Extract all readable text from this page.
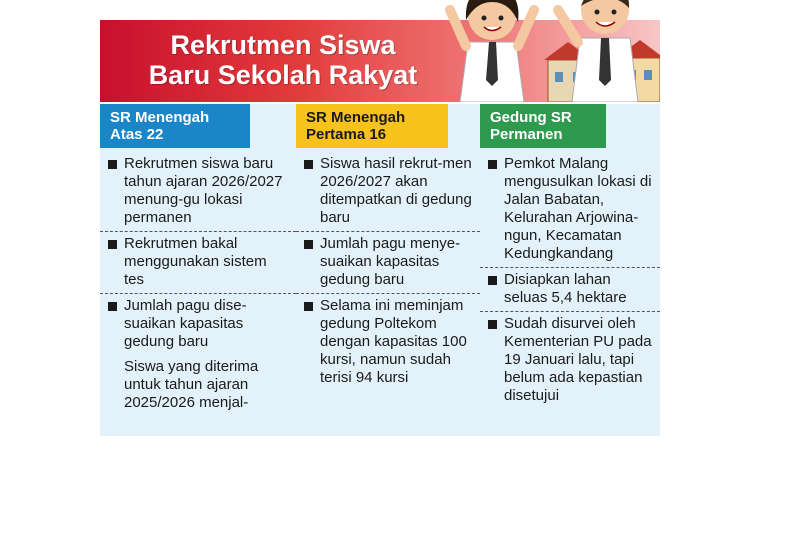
Rekrutmen Siswa
Baru Sekolah Rakyat
SR Menengah Atas 22
Rekrutmen siswa baru tahun ajaran 2026/2027 menung-gu lokasi permanen
Rekrutmen bakal menggunakan sistem tes
Jumlah pagu dise-suaikan kapasitas gedung baru
Siswa yang diterima untuk tahun ajaran 2025/2026 menjal-
SR Menengah Pertama 16
Siswa hasil rekrut-men 2026/2027 akan ditempatkan di gedung baru
Jumlah pagu menye-suaikan kapasitas gedung baru
Selama ini meminjam gedung Poltekom dengan kapasitas 100 kursi, namun sudah terisi 94 kursi
Gedung SR Permanen
Pemkot Malang mengusulkan lokasi di Jalan Babatan, Kelurahan Arjowina-ngun, Kecamatan Kedungkandang
Disiapkan lahan seluas 5,4 hektare
Sudah disurvei oleh Kementerian PU pada 19 Januari lalu, tapi belum ada kepastian disetujui
